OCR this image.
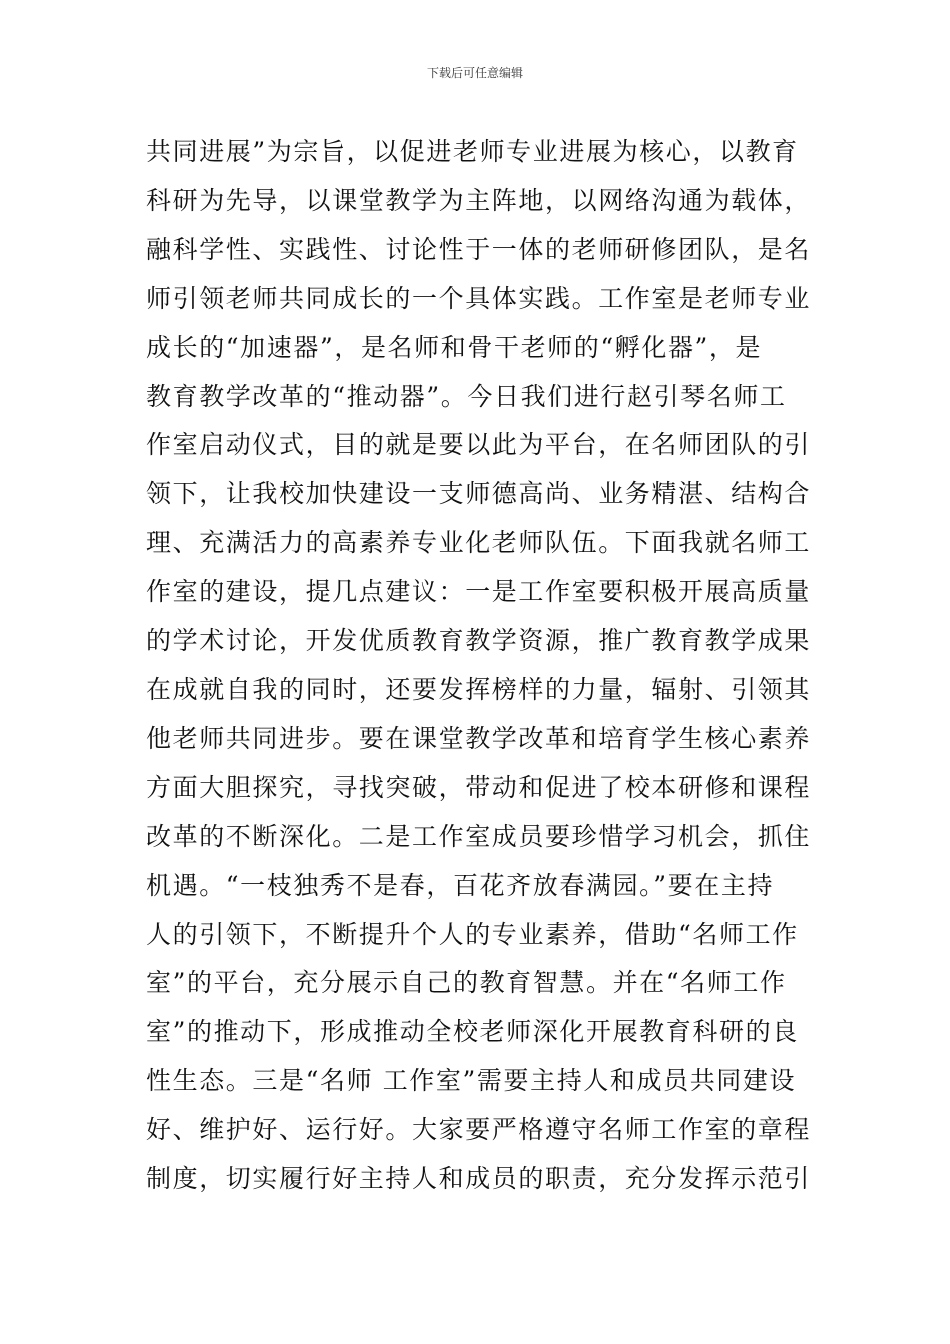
下载后可任意编辑
共同进展”为宗旨，以促进老师专业进展为核心，以教育
科研为先导，以课堂教学为主阵地，以网络沟通为载体，
融科学性、实践性、讨论性于一体的老师研修团队，是名
师引领老师共同成长的一个具体实践。工作室是老师专业
成长的“加速器”，是名师和骨干老师的“孵化器”，是
教育教学改革的“推动器”。今日我们进行赵引琴名师工
作室启动仪式，目的就是要以此为平台，在名师团队的引
领下，让我校加快建设一支师德高尚、业务精湛、结构合
理、充满活力的高素养专业化老师队伍。下面我就名师工
作室的建设，提几点建议：一是工作室要积极开展高质量
的学术讨论，开发优质教育教学资源，推广教育教学成果
在成就自我的同时，还要发挥榜样的力量，辐射、引领其
他老师共同进步。要在课堂教学改革和培育学生核心素养
方面大胆探究，寻找突破，带动和促进了校本研修和课程
改革的不断深化。二是工作室成员要珍惜学习机会，抓住
机遇。“一枝独秀不是春，百花齐放春满园。”要在主持
人的引领下，不断提升个人的专业素养，借助“名师工作
室”的平台，充分展示自己的教育智慧。并在“名师工作
室”的推动下，形成推动全校老师深化开展教育科研的良
性生态。三是“名师 工作室”需要主持人和成员共同建设
好、维护好、运行好。大家要严格遵守名师工作室的章程
制度，切实履行好主持人和成员的职责，充分发挥示范引
